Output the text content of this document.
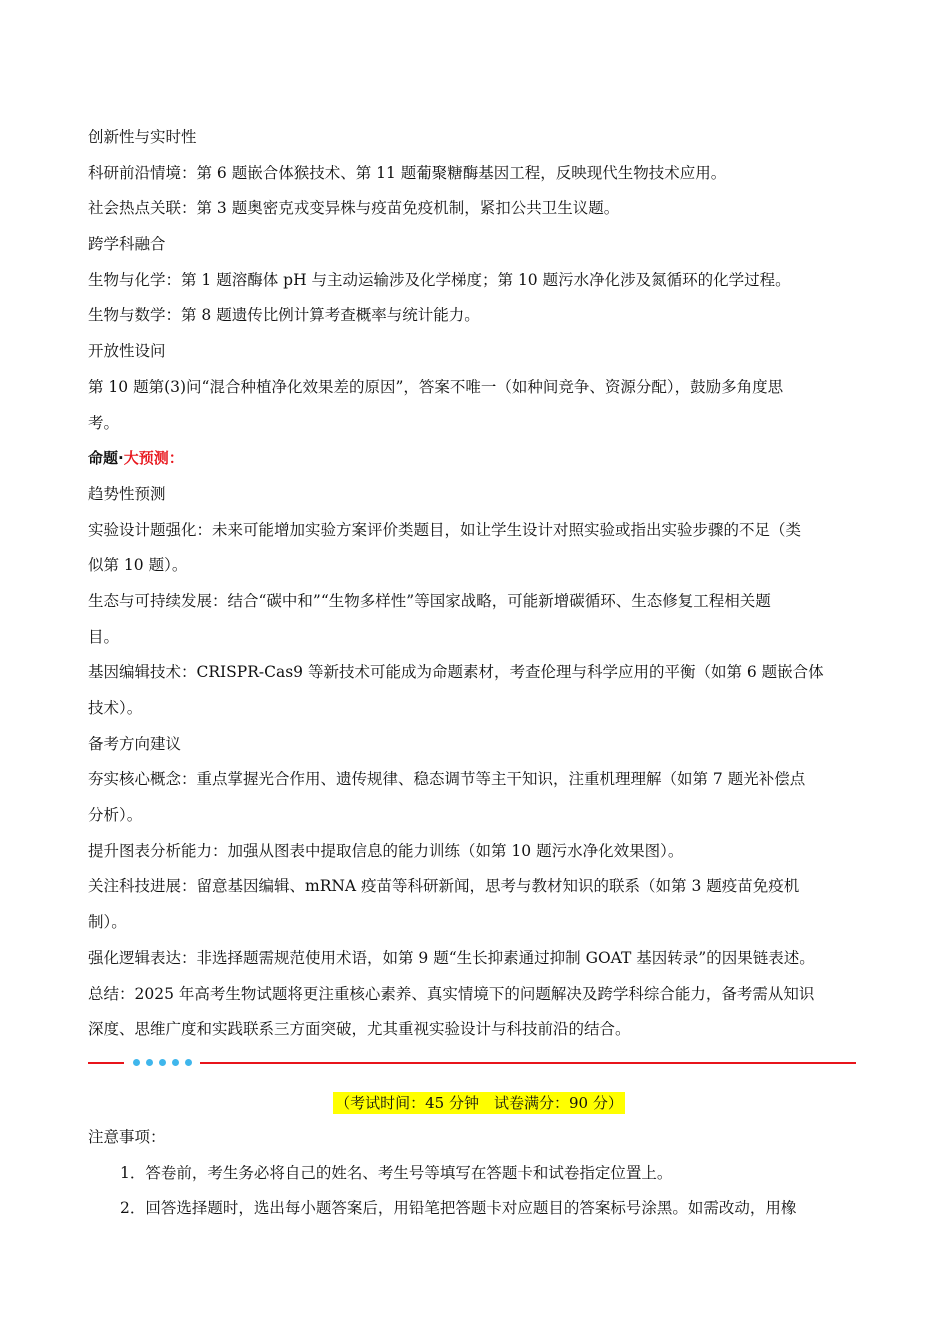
创新性与实时性
科研前沿情境：第 6 题嵌合体猴技术、第 11 题葡聚糖酶基因工程，反映现代生物技术应用。
社会热点关联：第 3 题奥密克戎变异株与疫苗免疫机制，紧扣公共卫生议题。
跨学科融合
生物与化学：第 1 题溶酶体 pH 与主动运输涉及化学梯度；第 10 题污水净化涉及氮循环的化学过程。
生物与数学：第 8 题遗传比例计算考查概率与统计能力。
开放性设问
第 10 题第(3)问“混合种植净化效果差的原因”，答案不唯一（如种间竞争、资源分配），鼓励多角度思
考。
命题·大预测：
趋势性预测
实验设计题强化：未来可能增加实验方案评价类题目，如让学生设计对照实验或指出实验步骤的不足（类
似第 10 题）。
生态与可持续发展：结合“碳中和”“生物多样性”等国家战略，可能新增碳循环、生态修复工程相关题
目。
基因编辑技术：CRISPR-Cas9 等新技术可能成为命题素材，考查伦理与科学应用的平衡（如第 6 题嵌合体
技术）。
备考方向建议
夯实核心概念：重点掌握光合作用、遗传规律、稳态调节等主干知识，注重机理理解（如第 7 题光补偿点
分析）。
提升图表分析能力：加强从图表中提取信息的能力训练（如第 10 题污水净化效果图）。
关注科技进展：留意基因编辑、mRNA 疫苗等科研新闻，思考与教材知识的联系（如第 3 题疫苗免疫机
制）。
强化逻辑表达：非选择题需规范使用术语，如第 9 题“生长抑素通过抑制 GOAT 基因转录”的因果链表述。
总结：2025 年高考生物试题将更注重核心素养、真实情境下的问题解决及跨学科综合能力，备考需从知识
深度、思维广度和实践联系三方面突破，尤其重视实验设计与科技前沿的结合。
（考试时间：45 分钟　试卷满分：90 分）
注意事项：
1．答卷前，考生务必将自己的姓名、考生号等填写在答题卡和试卷指定位置上。
2．回答选择题时，选出每小题答案后，用铅笔把答题卡对应题目的答案标号涂黑。如需改动，用橡
